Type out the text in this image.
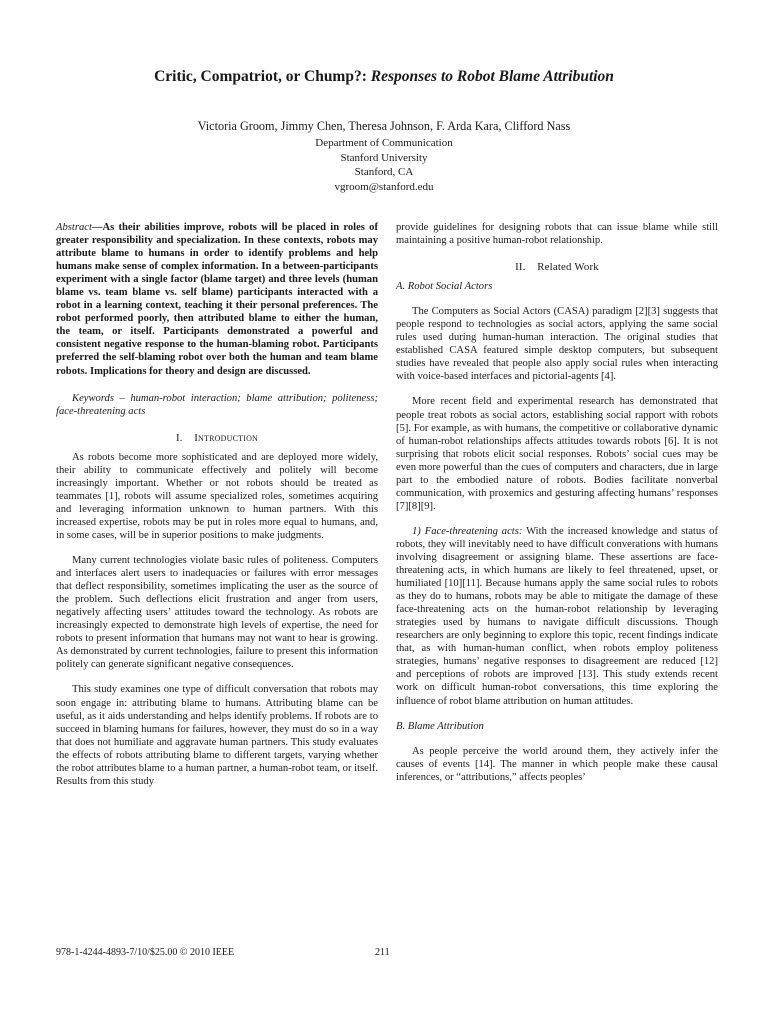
Critic, Compatriot, or Chump?: Responses to Robot Blame Attribution
Victoria Groom, Jimmy Chen, Theresa Johnson, F. Arda Kara, Clifford Nass
Department of Communication
Stanford University
Stanford, CA
vgroom@stanford.edu

Abstract—As their abilities improve, robots will be placed in roles of greater responsibility and specialization. In these contexts, robots may attribute blame to humans in order to identify problems and help humans make sense of complex information. In a between-participants experiment with a single factor (blame target) and three levels (human blame vs. team blame vs. self blame) participants interacted with a robot in a learning context, teaching it their personal preferences. The robot performed poorly, then attributed blame to either the human, the team, or itself. Participants demonstrated a powerful and consistent negative response to the human-blaming robot. Participants preferred the self-blaming robot over both the human and team blame robots. Implications for theory and design are discussed.

Keywords – human-robot interaction; blame attribution; politeness; face-threatening acts

I. Introduction

As robots become more sophisticated and are deployed more widely, their ability to communicate effectively and politely will become increasingly important. Whether or not robots should be treated as teammates [1], robots will assume specialized roles, sometimes acquiring and leveraging information unknown to human partners. With this increased expertise, robots may be put in roles more equal to humans, and, in some cases, will be in superior positions to make judgments.

Many current technologies violate basic rules of politeness. Computers and interfaces alert users to inadequacies or failures with error messages that deflect responsibility, sometimes implicating the user as the source of the problem. Such deflections elicit frustration and anger from users, negatively affecting users’ attitudes toward the technology. As robots are increasingly expected to demonstrate high levels of expertise, the need for robots to present information that humans may not want to hear is growing. As demonstrated by current technologies, failure to present this information politely can generate significant negative consequences.

This study examines one type of difficult conversation that robots may soon engage in: attributing blame to humans. Attributing blame can be useful, as it aids understanding and helps identify problems. If robots are to succeed in blaming humans for failures, however, they must do so in a way that does not humiliate and aggravate human partners. This study evaluates the effects of robots attributing blame to different targets, varying whether the robot attributes blame to a human partner, a human-robot team, or itself. Results from this study

provide guidelines for designing robots that can issue blame while still maintaining a positive human-robot relationship.

II. Related Work

A. Robot Social Actors

The Computers as Social Actors (CASA) paradigm [2][3] suggests that people respond to technologies as social actors, applying the same social rules used during human-human interaction. The original studies that established CASA featured simple desktop computers, but subsequent studies have revealed that people also apply social rules when interacting with voice-based interfaces and pictorial-agents [4].

More recent field and experimental research has demonstrated that people treat robots as social actors, establishing social rapport with robots [5]. For example, as with humans, the competitive or collaborative dynamic of human-robot relationships affects attitudes towards robots [6]. It is not surprising that robots elicit social responses. Robots’ social cues may be even more powerful than the cues of computers and characters, due in large part to the embodied nature of robots. Bodies facilitate nonverbal communication, with proxemics and gesturing affecting humans’ responses [7][8][9].

1) Face-threatening acts: With the increased knowledge and status of robots, they will inevitably need to have difficult converations with humans involving disagreement or assigning blame. These assertions are face-threatening acts, in which humans are likely to feel threatened, upset, or humiliated [10][11]. Because humans apply the same social rules to robots as they do to humans, robots may be able to mitigate the damage of these face-threatening acts on the human-robot relationship by leveraging strategies used by humans to navigate difficult discussions. Though researchers are only beginning to explore this topic, recent findings indicate that, as with human-human conflict, when robots employ politeness strategies, humans’ negative responses to disagreement are reduced [12] and perceptions of robots are improved [13]. This study extends recent work on difficult human-robot conversations, this time exploring the influence of robot blame attribution on human attitudes.

B. Blame Attribution

As people perceive the world around them, they actively infer the causes of events [14]. The manner in which people make these causal inferences, or “attributions,” affects peoples’

978-1-4244-4893-7/10/$25.00 © 2010 IEEE	211
